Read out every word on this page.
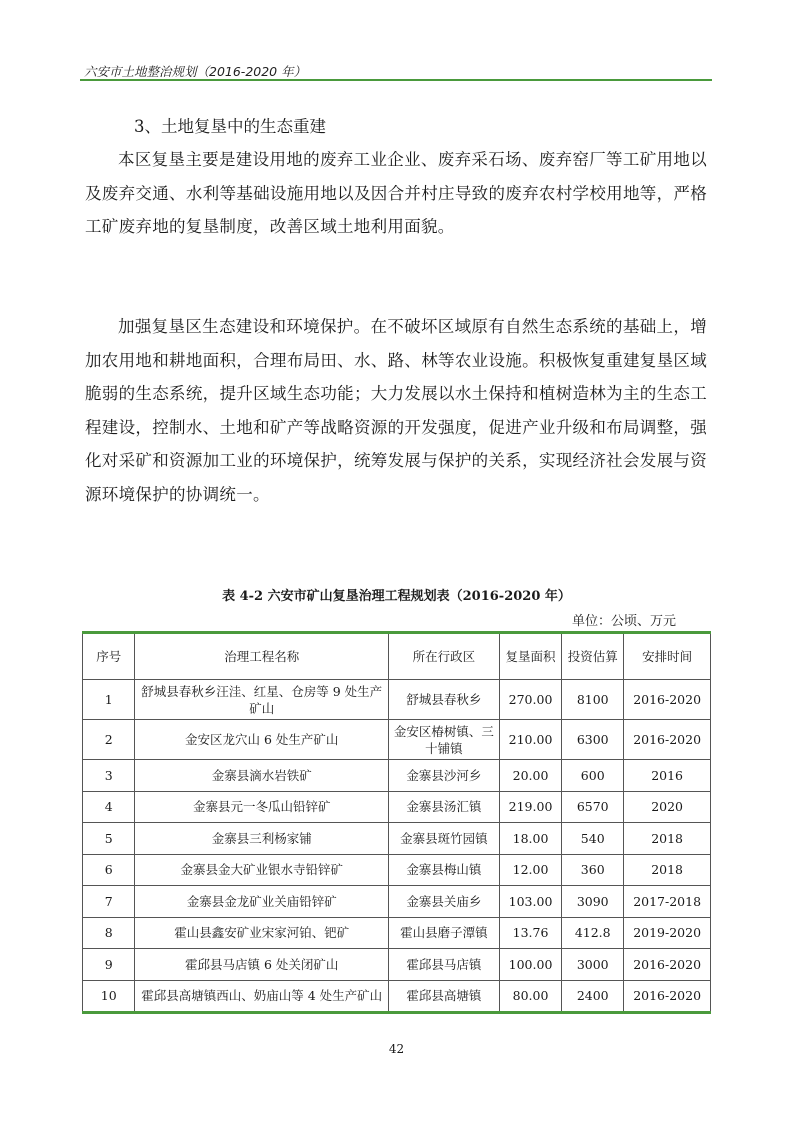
六安市土地整治规划（2016-2020 年）
3、土地复垦中的生态重建

本区复垦主要是建设用地的废弃工业企业、废弃采石场、废弃窑厂等工矿用地以及废弃交通、水利等基础设施用地以及因合并村庄导致的废弃农村学校用地等，严格工矿废弃地的复垦制度，改善区域土地利用面貌。

加强复垦区生态建设和环境保护。在不破坏区域原有自然生态系统的基础上，增加农用地和耕地面积，合理布局田、水、路、林等农业设施。积极恢复重建复垦区域脆弱的生态系统，提升区域生态功能；大力发展以水土保持和植树造林为主的生态工程建设，控制水、土地和矿产等战略资源的开发强度，促进产业升级和布局调整，强化对采矿和资源加工业的环境保护，统筹发展与保护的关系，实现经济社会发展与资源环境保护的协调统一。

表 4-2 六安市矿山复垦治理工程规划表（2016-2020 年）
单位：公顷、万元
序号	治理工程名称	所在行政区	复垦面积	投资估算	安排时间
1	舒城县春秋乡汪洼、红星、仓房等 9 处生产矿山	舒城县春秋乡	270.00	8100	2016-2020
2	金安区龙穴山 6 处生产矿山	金安区椿树镇、三十铺镇	210.00	6300	2016-2020
3	金寨县滴水岩铁矿	金寨县沙河乡	20.00	600	2016
4	金寨县元一冬瓜山铅锌矿	金寨县汤汇镇	219.00	6570	2020
5	金寨县三利杨家铺	金寨县斑竹园镇	18.00	540	2018
6	金寨县金大矿业银水寺铅锌矿	金寨县梅山镇	12.00	360	2018
7	金寨县金龙矿业关庙铅锌矿	金寨县关庙乡	103.00	3090	2017-2018
8	霍山县鑫安矿业宋家河铂、钯矿	霍山县磨子潭镇	13.76	412.8	2019-2020
9	霍邱县马店镇 6 处关闭矿山	霍邱县马店镇	100.00	3000	2016-2020
10	霍邱县高塘镇西山、奶庙山等 4 处生产矿山	霍邱县高塘镇	80.00	2400	2016-2020
42
